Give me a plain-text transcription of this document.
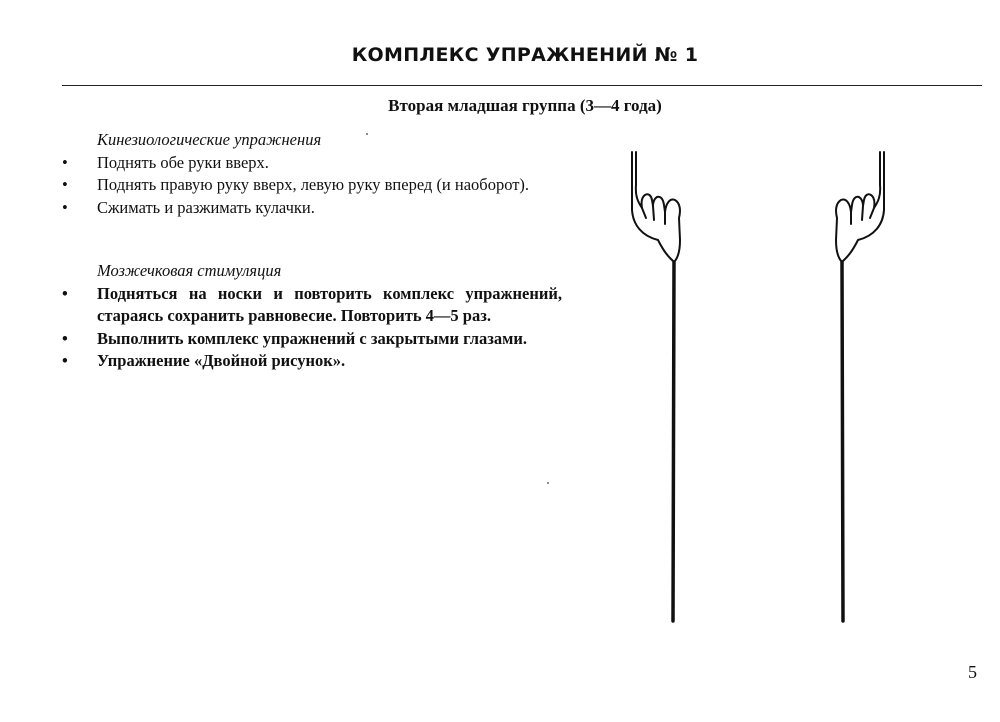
КОМПЛЕКС УПРАЖНЕНИЙ № 1
Вторая младшая группа (3—4 года)

Кинезиологические упражнения

• Поднять обе руки вверх.
• Поднять правую руку вверх, левую руку вперед (и наоборот).
• Сжимать и разжимать кулачки.

Мозжечковая стимуляция

• Подняться на носки и повторить комплекс упражнений, стараясь сохранить равновесие. Повторить 4—5 раз.
• Выполнить комплекс упражнений с закрытыми глазами.
• Упражнение «Двойной рисунок».
5
